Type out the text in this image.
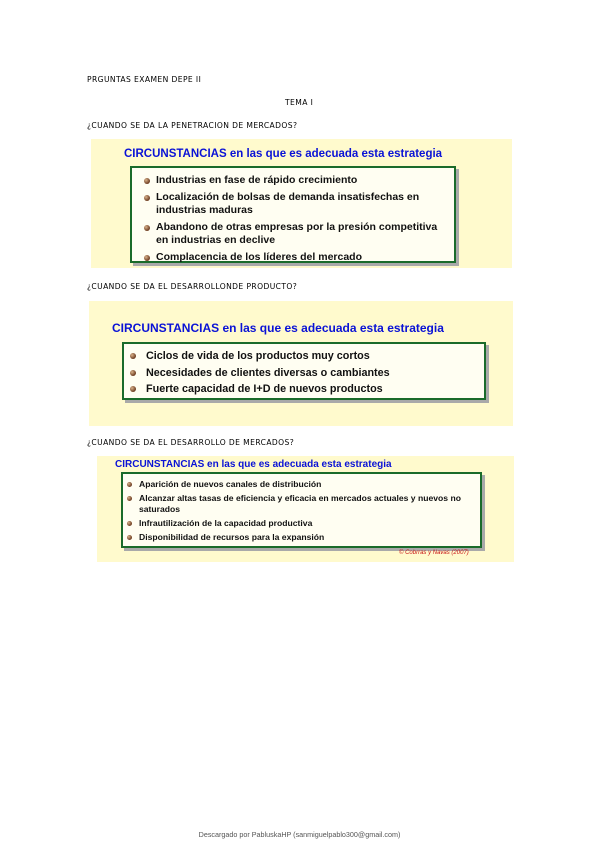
PRGUNTAS EXAMEN DEPE II
TEMA I
¿CUANDO SE DA LA PENETRACION DE MERCADOS?
CIRCUNSTANCIAS en las que es adecuada esta estrategia
Industrias en fase de rápido crecimiento
Localización de bolsas de demanda insatisfechas en industrias maduras
Abandono de otras empresas por la presión competitiva en industrias en declive
Complacencia de los líderes del mercado
¿CUANDO SE DA EL DESARROLLONDE PRODUCTO?
CIRCUNSTANCIAS en las que es adecuada esta estrategia
Ciclos de vida de los productos muy cortos
Necesidades de clientes diversas o cambiantes
Fuerte capacidad de I+D de nuevos productos
¿CUANDO SE DA EL DESARROLLO DE MERCADOS?
CIRCUNSTANCIAS en las que es adecuada esta estrategia
Aparición de nuevos canales de distribución
Alcanzar altas tasas de eficiencia y eficacia en mercados actuales y nuevos no saturados
Infrautilización de la capacidad productiva
Disponibilidad de recursos para la expansión
© Cobrras y Navas (2007)
Descargado por PabluskaHP (sanmiguelpablo300@gmail.com)
